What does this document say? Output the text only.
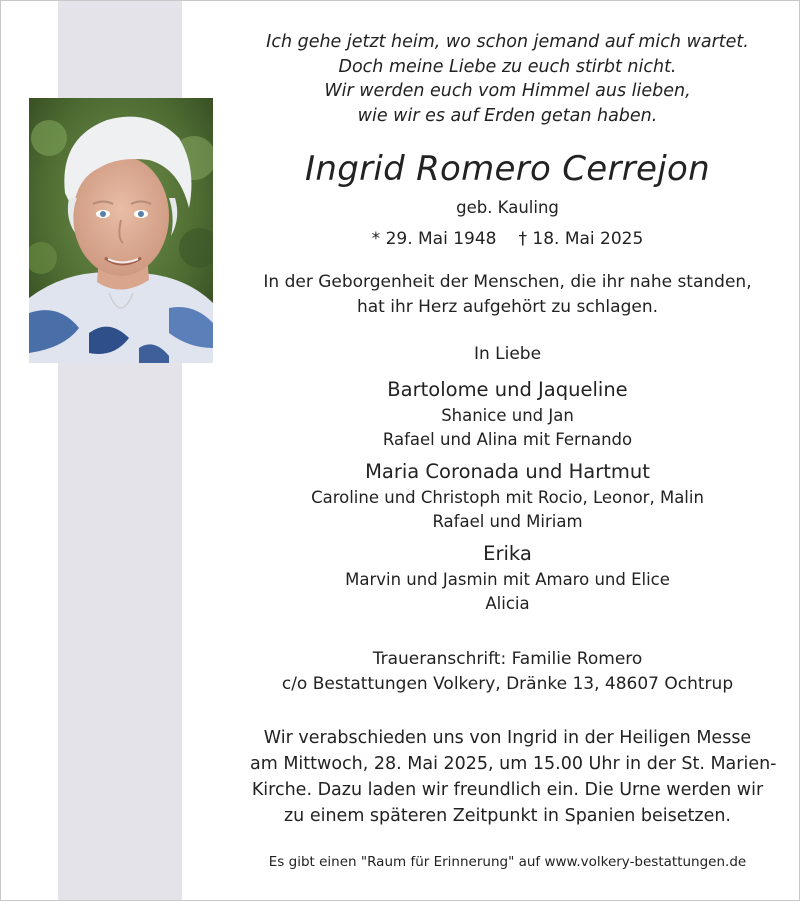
Ich gehe jetzt heim, wo schon jemand auf mich wartet.
Doch meine Liebe zu euch stirbt nicht.
Wir werden euch vom Himmel aus lieben,
wie wir es auf Erden getan haben.
Ingrid Romero Cerrejon
geb. Kauling
* 29. Mai 1948 † 18. Mai 2025
In der Geborgenheit der Menschen, die ihr nahe standen,
hat ihr Herz aufgehört zu schlagen.
In Liebe
Bartolome und Jaqueline
Shanice und Jan
Rafael und Alina mit Fernando
Maria Coronada und Hartmut
Caroline und Christoph mit Rocio, Leonor, Malin
Rafael und Miriam
Erika
Marvin und Jasmin mit Amaro und Elice
Alicia
Traueranschrift: Familie Romero
c/o Bestattungen Volkery, Dränke 13, 48607 Ochtrup
Wir verabschieden uns von Ingrid in der Heiligen Messe
am Mittwoch, 28. Mai 2025, um 15.00 Uhr in der St. Marien-
Kirche. Dazu laden wir freundlich ein. Die Urne werden wir
zu einem späteren Zeitpunkt in Spanien beisetzen.
Es gibt einen "Raum für Erinnerung" auf www.volkery-bestattungen.de
